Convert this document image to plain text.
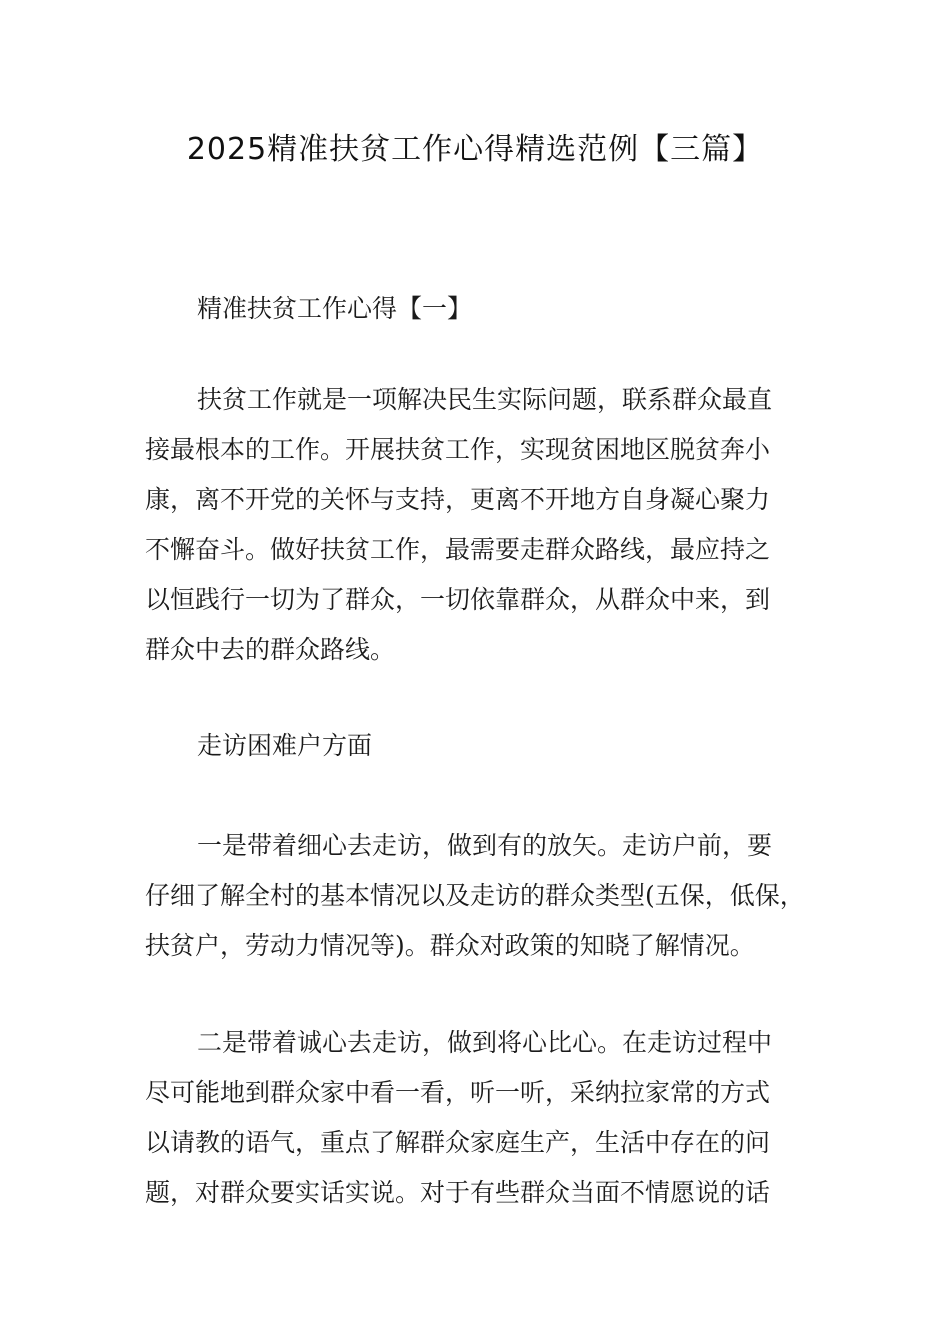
2025精准扶贫工作心得精选范例【三篇】
精准扶贫工作心得【一】
扶贫工作就是一项解决民生实际问题，联系群众最直
接最根本的工作。开展扶贫工作，实现贫困地区脱贫奔小
康，离不开党的关怀与支持，更离不开地方自身凝心聚力
不懈奋斗。做好扶贫工作，最需要走群众路线，最应持之
以恒践行一切为了群众，一切依靠群众，从群众中来，到
群众中去的群众路线。
走访困难户方面
一是带着细心去走访，做到有的放矢。走访户前，要
仔细了解全村的基本情况以及走访的群众类型(五保，低保，
扶贫户，劳动力情况等)。群众对政策的知晓了解情况。
二是带着诚心去走访，做到将心比心。在走访过程中
尽可能地到群众家中看一看，听一听，采纳拉家常的方式
以请教的语气，重点了解群众家庭生产，生活中存在的问
题，对群众要实话实说。对于有些群众当面不情愿说的话
